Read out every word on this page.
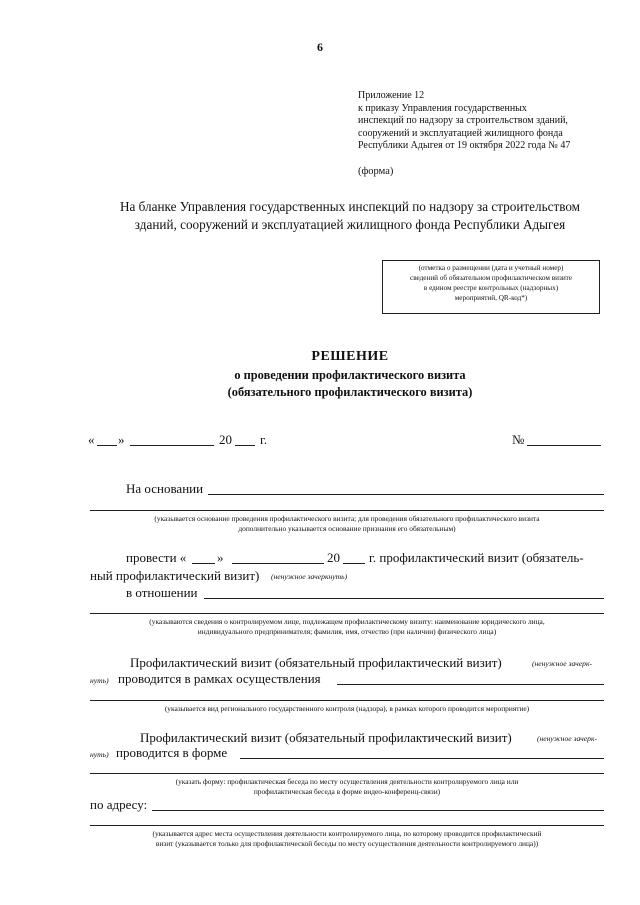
6
Приложение 12
к приказу Управления государственных
инспекций по надзору за строительством зданий,
сооружений и эксплуатацией жилищного фонда
Республики Адыгея от 19 октября 2022 года № 47
(форма)
На бланке Управления государственных инспекций по надзору за строительством зданий, сооружений и эксплуатацией жилищного фонда Республики Адыгея
(отметка о размещении (дата и учетный номер)
сведений об обязательном профилактическом визите
в едином реестре контрольных (надзорных)
мероприятий, QR-код*)
РЕШЕНИЕ
о проведении профилактического визита
(обязательного профилактического визита)
« »	20 г.	№
На основании
(указывается основание проведения профилактического визита; для проведения обязательного профилактического визита
дополнительно указывается основание признания его обязательным)
провести « »	20 г. профилактический визит (обязатель-
ный профилактический визит) (ненужное зачеркнуть)
в отношении
(указываются сведения о контролируемом лице, подлежащем профилактическому визиту: наименование юридического лица,
индивидуального предпринимателя; фамилия, имя, отчество (при наличии) физического лица)
Профилактический визит (обязательный профилактический визит)	(ненужное зачерк-
нуть) проводится в рамках осуществления
(указывается вид регионального государственного контроля (надзора), в рамках которого проводится мероприятие)
Профилактический визит (обязательный профилактический визит)	(ненужное зачерк-
нуть) проводится в форме
(указать форму: профилактическая беседа по месту осуществления деятельности контролируемого лица или
профилактическая беседа в форме видео-конференц-связи)
по адресу:
(указывается адрес места осуществления деятельности контролируемого лица, по которому проводится профилактический
визит (указывается только для профилактической беседы по месту осуществления деятельности контролируемого лица))
